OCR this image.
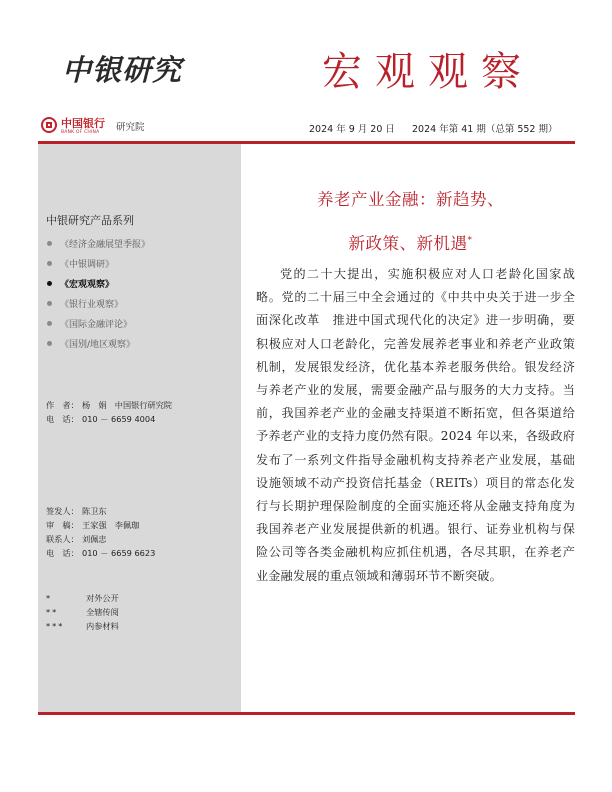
中银研究	宏观观察
中国银行
BANK OF CHINA 研究院	2024 年 9 月 20 日 2024 年第 41 期（总第 552 期）
中银研究产品系列
《经济金融展望季报》
《中银调研》
《宏观观察》
《银行业观察》
《国际金融评论》
《国别/地区观察》
作　者： 杨　娟　中国银行研究院
电　话： 010 － 6659 4004
签发人： 陈卫东
审　稿： 王家强　李佩珈
联系人： 刘佩忠
电　话： 010 － 6659 6623
*	对外公开
**	全辖传阅
***	内参材料
养老产业金融：新趋势、
新政策、新机遇*

党的二十大提出，实施积极应对人口老龄化国家战略。党的二十届三中全会通过的《中共中央关于进一步全面深化改革　推进中国式现代化的决定》进一步明确，要积极应对人口老龄化，完善发展养老事业和养老产业政策机制，发展银发经济，优化基本养老服务供给。银发经济与养老产业的发展，需要金融产品与服务的大力支持。当前，我国养老产业的金融支持渠道不断拓宽，但各渠道给予养老产业的支持力度仍然有限。2024 年以来，各级政府发布了一系列文件指导金融机构支持养老产业发展，基础设施领域不动产投资信托基金（REITs）项目的常态化发行与长期护理保险制度的全面实施还将从金融支持角度为我国养老产业发展提供新的机遇。银行、证券业机构与保险公司等各类金融机构应抓住机遇，各尽其职，在养老产业金融发展的重点领域和薄弱环节不断突破。
